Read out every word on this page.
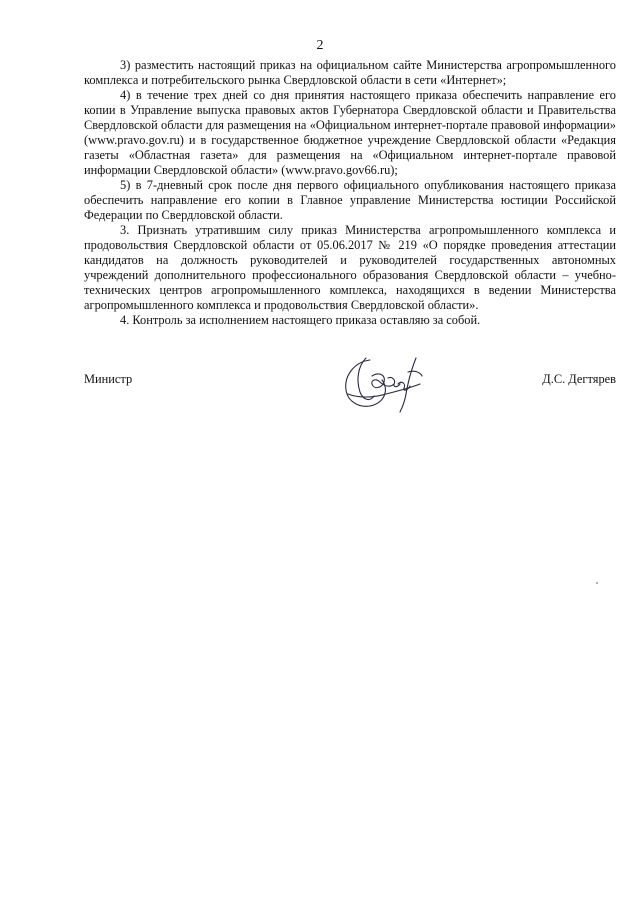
2

3) разместить настоящий приказ на официальном сайте Министерства агропромышленного комплекса и потребительского рынка Свердловской области в сети «Интернет»;

4) в течение трех дней со дня принятия настоящего приказа обеспечить направление его копии в Управление выпуска правовых актов Губернатора Свердловской области и Правительства Свердловской области для размещения на «Официальном интернет-портале правовой информации» (www.pravo.gov.ru) и в государственное бюджетное учреждение Свердловской области «Редакция газеты «Областная газета» для размещения на «Официальном интернет-портале правовой информации Свердловской области» (www.pravo.gov66.ru);

5) в 7-дневный срок после дня первого официального опубликования настоящего приказа обеспечить направление его копии в Главное управление Министерства юстиции Российской Федерации по Свердловской области.

3. Признать утратившим силу приказ Министерства агропромышленного комплекса и продовольствия Свердловской области от 05.06.2017 № 219 «О порядке проведения аттестации кандидатов на должность руководителей и руководителей государственных автономных учреждений дополнительного профессионального образования Свердловской области – учебно-технических центров агропромышленного комплекса, находящихся в ведении Министерства агропромышленного комплекса и продовольствия Свердловской области».

4. Контроль за исполнением настоящего приказа оставляю за собой.

Министр	Д.С. Дегтярев
